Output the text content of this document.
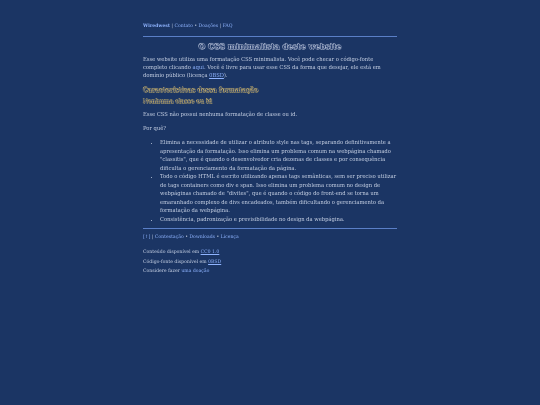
Wiredwest | Contato • Doações | FAQ
O CSS minimalista deste website

Esse website utiliza uma formatação CSS minimalista. Você pode checar o código-fonte completo clicando aqui. Você é livre para usar esse CSS da forma que desejar, ele está em domínio público (licença 0BSD).

Características dessa formatação
Nenhuma classe ou id

Esse CSS não possui nenhuma formatação de classe ou id.

Por quê?

• Elimina a necessidade de utilizar o atributo style nas tags, separando definitivamente a apresentação da formatação. Isso elimina um problema comum na webpágina chamado "classitis", que é quando o desenvolvedor cria dezenas de classes e por consequência dificulta o gerenciamento da formatação da página.
• Todo o código HTML é escrito utilizando apenas tags semânticas, sem ser preciso utilizar de tags containers como div e span. Isso elimina um problema comum no design de webpáginas chamado de "divites", que é quando o código do front-end se torna um emaranhado complexo de divs encadeados, também dificultando o gerenciamento da formatação da webpágina.
• Consistência, padronização e previsibilidade no design da webpágina.
[↑] | Contestação • Downloads • Licença

Conteúdo disponível em CC0 1.0

Código-fonte disponível em 0BSD

Considere fazer uma doação
